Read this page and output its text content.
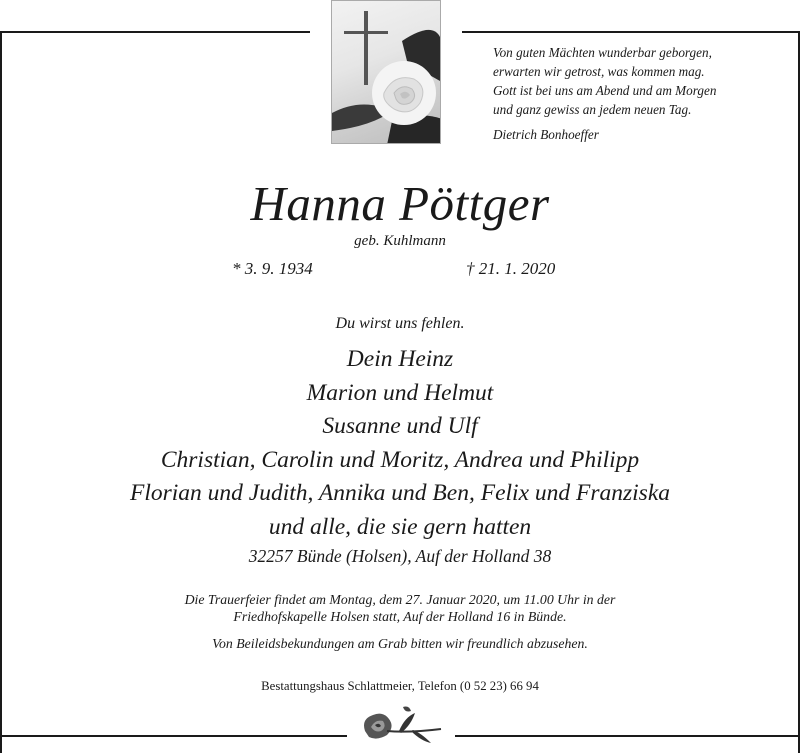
Von guten Mächten wunderbar geborgen,
erwarten wir getrost, was kommen mag.
Gott ist bei uns am Abend und am Morgen
und ganz gewiss an jedem neuen Tag.
Dietrich Bonhoeffer
Hanna Pöttger
geb. Kuhlmann
* 3. 9. 1934	† 21. 1. 2020
Du wirst uns fehlen.
Dein Heinz
Marion und Helmut
Susanne und Ulf
Christian, Carolin und Moritz, Andrea und Philipp
Florian und Judith, Annika und Ben, Felix und Franziska
und alle, die sie gern hatten
32257 Bünde (Holsen), Auf der Holland 38
Die Trauerfeier findet am Montag, dem 27. Januar 2020, um 11.00 Uhr in der
Friedhofskapelle Holsen statt, Auf der Holland 16 in Bünde.
Von Beileidsbekundungen am Grab bitten wir freundlich abzusehen.
Bestattungshaus Schlattmeier, Telefon (0 52 23) 66 94
